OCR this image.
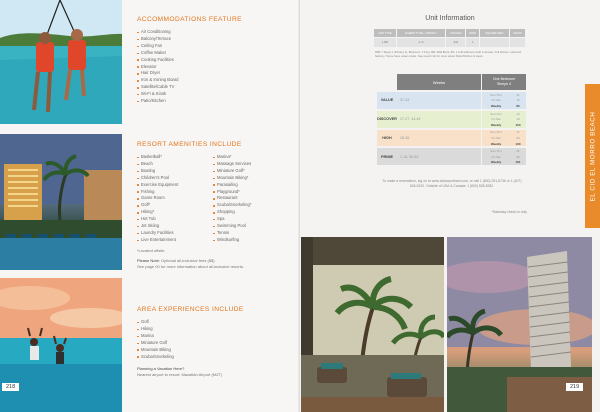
218
ACCOMMODATIONS FEATURE
Air Conditioning
Balcony/Terrace
Ceiling Fan
Coffee Maker
Cooking Facilities
Elevator
Hair Dryer
Iron & Ironing Board
Satellite/Cable TV
Wi-Fi & Kiosk
Patio/Kitchen
RESORT AMENITIES INCLUDE
Basketball*
Beach
Boating
Children's Pool
Exercise Equipment
Fishing
Game Room
Golf*
Hiking*
Hot Tub
Jet Skiing
Laundry Facilities
Live Entertainment
Marina*
Massage Services
Miniature Golf*
Mountain Biking*
Parasailing
Playground*
Restaurant
Scuba/Snorkeling*
Shopping
Spa
Swimming Pool
Tennis
Windsurfing
*Located offsite
Please Note: Optional all-inclusive fees ($$)
See page 00 for more information about all-inclusive resorts.
AREA EXPERIENCES INCLUDE
Golf
Hiking
Marina
Miniature Golf
Mountain Biking
Scuba/Snorkeling
Planning a Vacation Here?
Nearest airport to resort: Mazatlán Airport (MZT)
Unit Information
UNIT TYPE	SLEEPS TOTAL / PRIVACY	KITCHEN	BATH	SQUARE FEET	SEATS
1 BR	4 / 2	Full	1		
1BR = Sleep 4 (Privacy 2), Bedroom: 1 King, BR: Wall Bunk, BA: 1 Full bathroom with a shower. Full kitchen, sofa bed, balcony. Some have ocean views. See resort info for more about Patio/Kitchen & views.
Weeks
One Bedroom
Sleeps 4
VALUE	37-43
Sun-Thu	11
Fri-Sat	16
Weekly	85
DISCOVER 17-27, 44-49
Sun-Thu	13
Fri-Sat	19
Weekly	103
HIGH	28-36
Sun-Thu	17
Fri-Sat	24
Weekly	130
PRIME	1-16, 50-53
Sun-Thu	21
Fri-Sat	30
Weekly	161
To make a reservation, log on to www.clubwyndham.com, or call 1 (800) 251-8736 or 1 (407) 626-5100. Outside of USA & Canada: 1 (800) 828-8282.
*Saturday check-in only
EL CID EL MORRO BEACH
219
